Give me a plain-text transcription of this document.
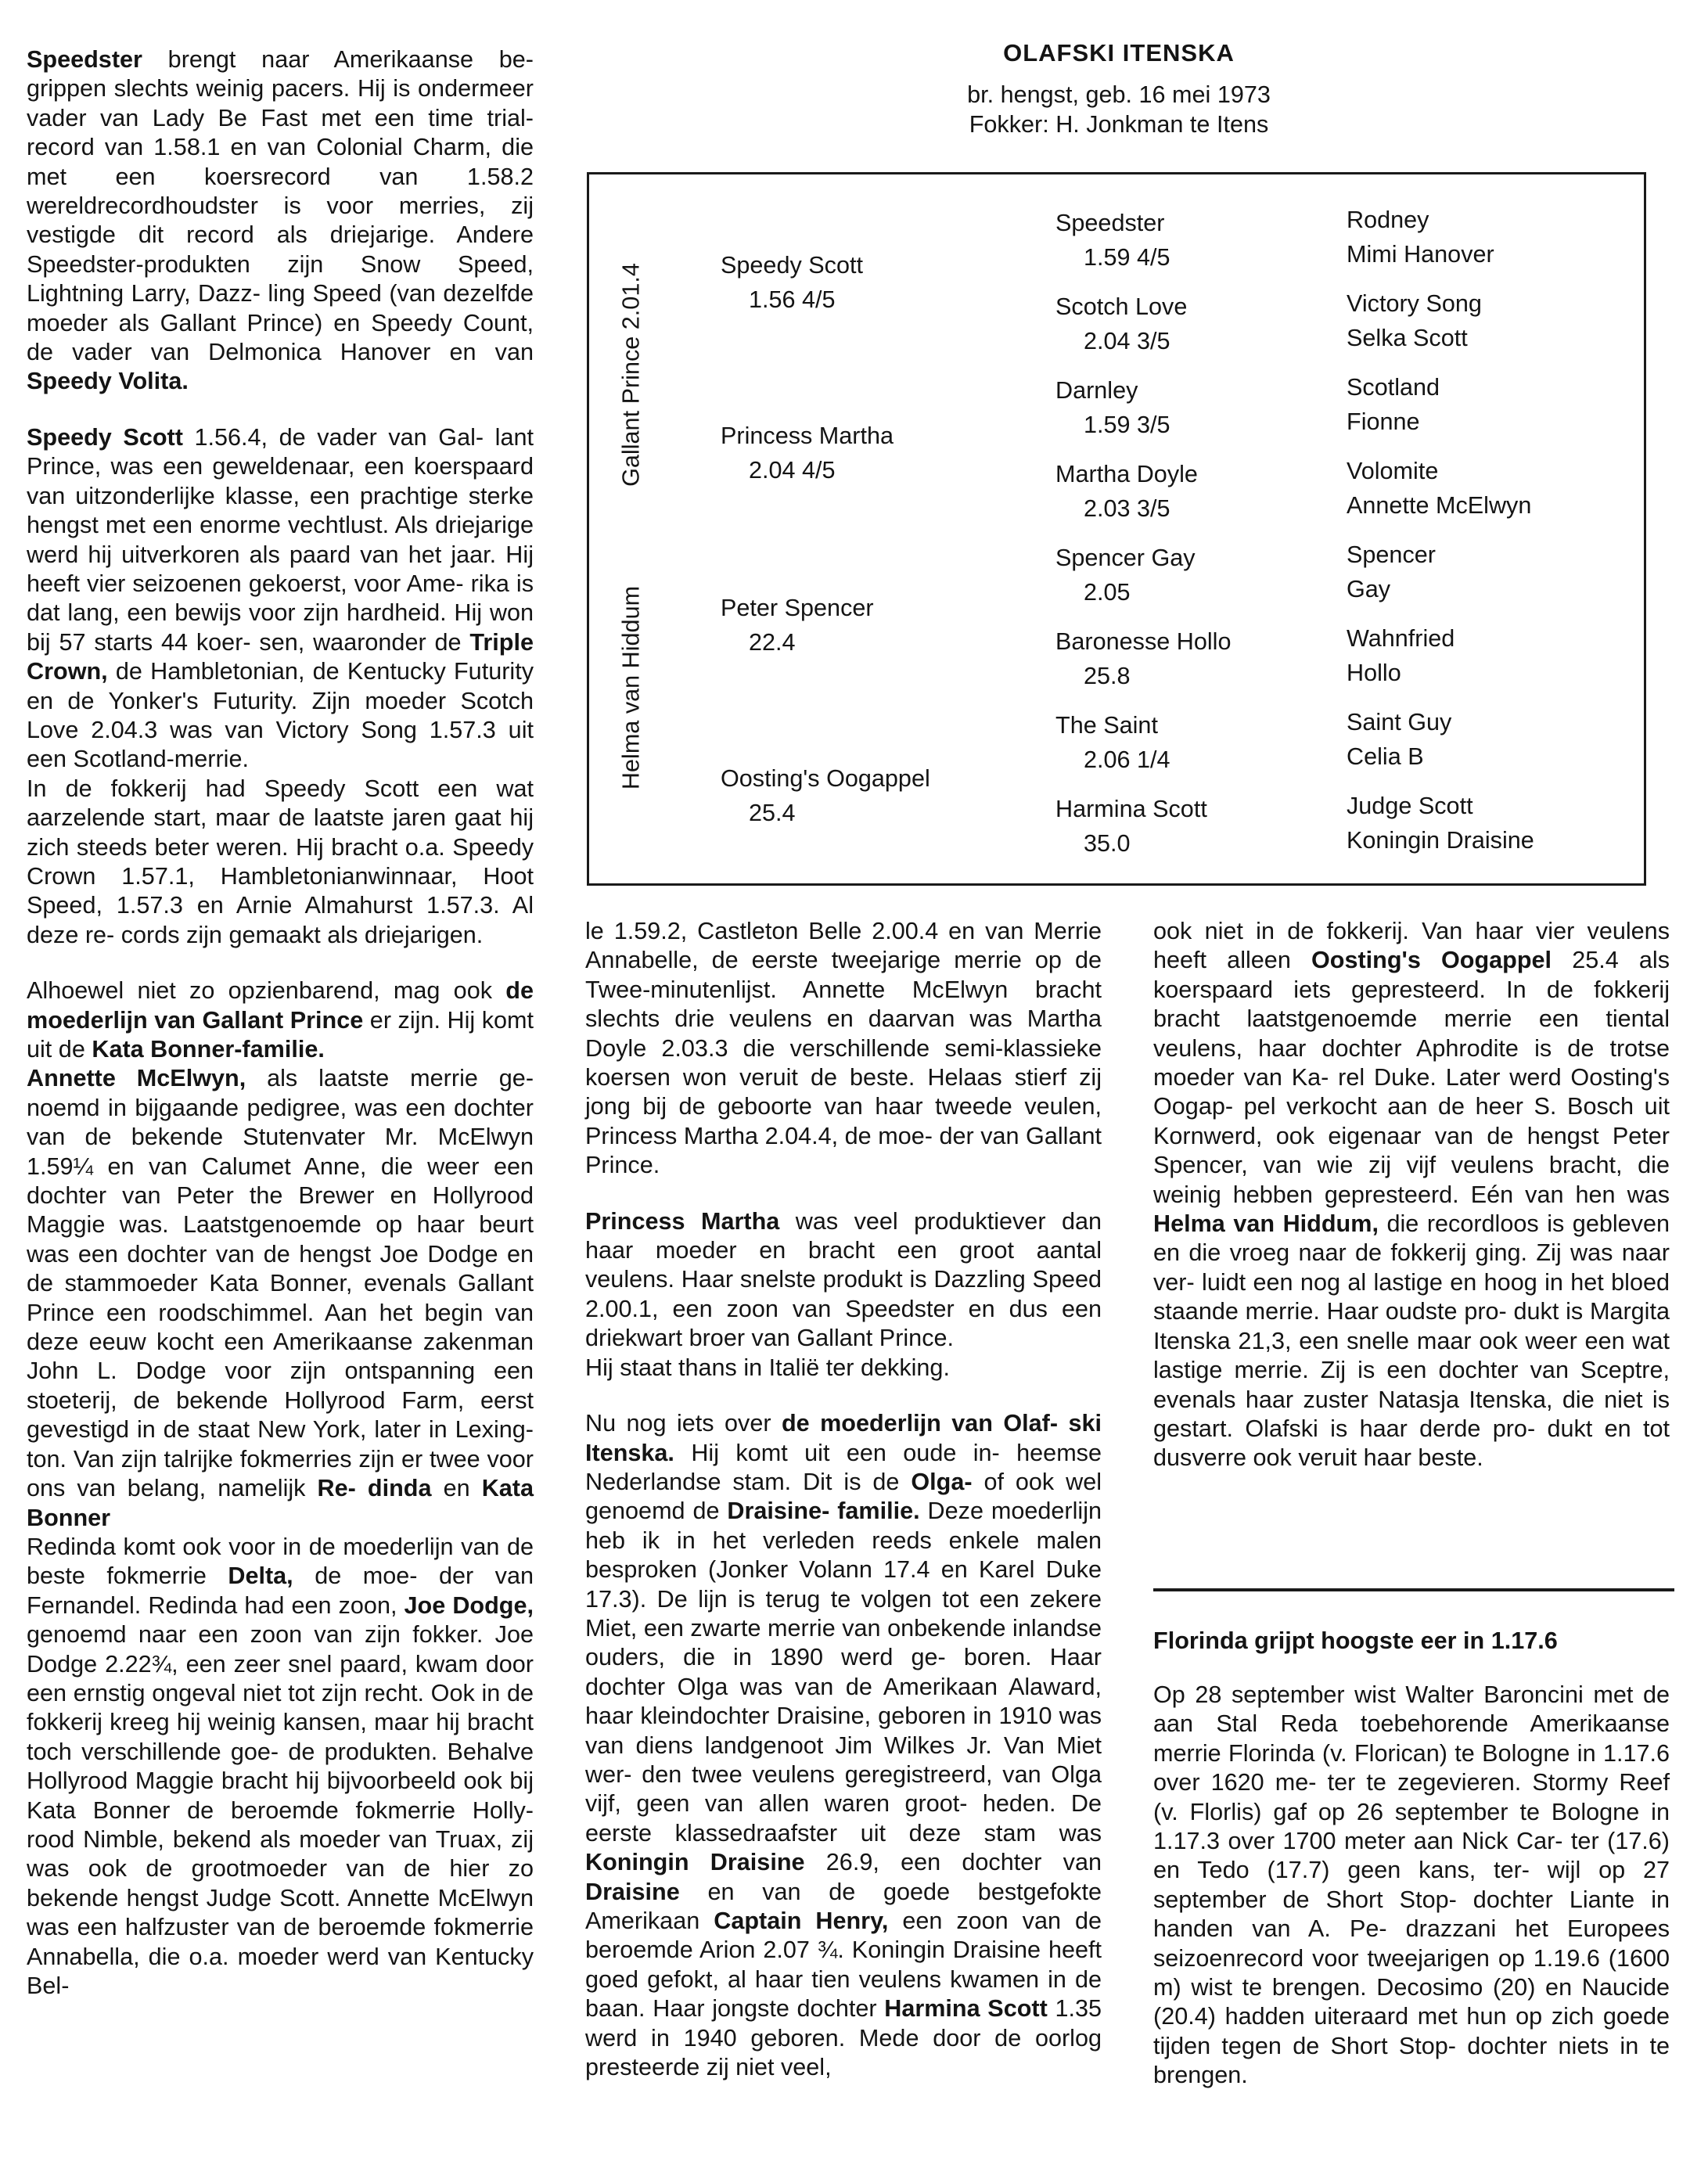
Speedster brengt naar Amerikaanse be- grippen slechts weinig pacers. Hij is ondermeer vader van Lady Be Fast met een time trial-record van 1.58.1 en van Colonial Charm, die met een koersrecord van 1.58.2 wereldrecordhoudster is voor merries, zij vestigde dit record als driejarige. Andere Speedster-produkten zijn Snow Speed, Lightning Larry, Dazz- ling Speed (van dezelfde moeder als Gallant Prince) en Speedy Count, de vader van Delmonica Hanover en van Speedy Volita.

Speedy Scott 1.56.4, de vader van Gal- lant Prince, was een geweldenaar, een koerspaard van uitzonderlijke klasse, een prachtige sterke hengst met een enorme vechtlust. Als driejarige werd hij uitverkoren als paard van het jaar. Hij heeft vier seizoenen gekoerst, voor Ame- rika is dat lang, een bewijs voor zijn hardheid. Hij won bij 57 starts 44 koer- sen, waaronder de Triple Crown, de Hambletonian, de Kentucky Futurity en de Yonker's Futurity. Zijn moeder Scotch Love 2.04.3 was van Victory Song 1.57.3 uit een Scotland-merrie.

In de fokkerij had Speedy Scott een wat aarzelende start, maar de laatste jaren gaat hij zich steeds beter weren. Hij bracht o.a. Speedy Crown 1.57.1, Hambletonianwinnaar, Hoot Speed, 1.57.3 en Arnie Almahurst 1.57.3. Al deze re- cords zijn gemaakt als driejarigen.

Alhoewel niet zo opzienbarend, mag ook de moederlijn van Gallant Prince er zijn. Hij komt uit de Kata Bonner-familie.

Annette McElwyn, als laatste merrie ge- noemd in bijgaande pedigree, was een dochter van de bekende Stutenvater Mr. McElwyn 1.59¼ en van Calumet Anne, die weer een dochter van Peter the Brewer en Hollyrood Maggie was. Laatstgenoemde op haar beurt was een dochter van de hengst Joe Dodge en de stammoeder Kata Bonner, evenals Gallant Prince een roodschimmel. Aan het begin van deze eeuw kocht een Amerikaanse zakenman John L. Dodge voor zijn ontspanning een stoeterij, de bekende Hollyrood Farm, eerst gevestigd in de staat New York, later in Lexing- ton. Van zijn talrijke fokmerries zijn er twee voor ons van belang, namelijk Re- dinda en Kata Bonner

Redinda komt ook voor in de moederlijn van de beste fokmerrie Delta, de moe- der van Fernandel. Redinda had een zoon, Joe Dodge, genoemd naar een zoon van zijn fokker. Joe Dodge 2.22¾, een zeer snel paard, kwam door een ernstig ongeval niet tot zijn recht. Ook in de fokkerij kreeg hij weinig kansen, maar hij bracht toch verschillende goe- de produkten. Behalve Hollyrood Maggie bracht hij bijvoorbeeld ook bij Kata Bonner de beroemde fokmerrie Holly- rood Nimble, bekend als moeder van Truax, zij was ook de grootmoeder van de hier zo bekende hengst Judge Scott. Annette McElwyn was een halfzuster van de beroemde fokmerrie Annabella, die o.a. moeder werd van Kentucky Bel-

OLAFSKI ITENSKA
br. hengst, geb. 16 mei 1973
Fokker: H. Jonkman te Itens
Gallant Prince 2.01.4
Helma van Hiddum
Speedy Scott
1.56 4/5
Princess Martha
2.04 4/5
Peter Spencer
22.4
Oosting's Oogappel
25.4
Speedster
1.59 4/5
Scotch Love
2.04 3/5
Darnley
1.59 3/5
Martha Doyle
2.03 3/5
Spencer Gay
2.05
Baronesse Hollo
25.8
The Saint
2.06 1/4
Harmina Scott
35.0
Rodney
Mimi Hanover
Victory Song
Selka Scott
Scotland
Fionne
Volomite
Annette McElwyn
Spencer
Gay
Wahnfried
Hollo
Saint Guy
Celia B
Judge Scott
Koningin Draisine

le 1.59.2, Castleton Belle 2.00.4 en van Merrie Annabelle, de eerste tweejarige merrie op de Twee-minutenlijst. Annette McElwyn bracht slechts drie veulens en daarvan was Martha Doyle 2.03.3 die verschillende semi-klassieke koersen won veruit de beste. Helaas stierf zij jong bij de geboorte van haar tweede veulen, Princess Martha 2.04.4, de moe- der van Gallant Prince.

Princess Martha was veel produktiever dan haar moeder en bracht een groot aantal veulens. Haar snelste produkt is Dazzling Speed 2.00.1, een zoon van Speedster en dus een driekwart broer van Gallant Prince.

Hij staat thans in Italië ter dekking.

Nu nog iets over de moederlijn van Olaf- ski Itenska. Hij komt uit een oude in- heemse Nederlandse stam. Dit is de Olga- of ook wel genoemd de Draisine- familie. Deze moederlijn heb ik in het verleden reeds enkele malen besproken (Jonker Volann 17.4 en Karel Duke 17.3). De lijn is terug te volgen tot een zekere Miet, een zwarte merrie van onbekende inlandse ouders, die in 1890 werd ge- boren. Haar dochter Olga was van de Amerikaan Alaward, haar kleindochter Draisine, geboren in 1910 was van diens landgenoot Jim Wilkes Jr. Van Miet wer- den twee veulens geregistreerd, van Olga vijf, geen van allen waren groot- heden. De eerste klassedraafster uit deze stam was Koningin Draisine 26.9, een dochter van Draisine en van de goede bestgefokte Amerikaan Captain Henry, een zoon van de beroemde Arion 2.07 ¾. Koningin Draisine heeft goed gefokt, al haar tien veulens kwamen in de baan. Haar jongste dochter Harmina Scott 1.35 werd in 1940 geboren. Mede door de oorlog presteerde zij niet veel,

ook niet in de fokkerij. Van haar vier veulens heeft alleen Oosting's Oogappel 25.4 als koerspaard iets gepresteerd. In de fokkerij bracht laatstgenoemde merrie een tiental veulens, haar dochter Aphrodite is de trotse moeder van Ka- rel Duke. Later werd Oosting's Oogap- pel verkocht aan de heer S. Bosch uit Kornwerd, ook eigenaar van de hengst Peter Spencer, van wie zij vijf veulens bracht, die weinig hebben gepresteerd. Eén van hen was Helma van Hiddum, die recordloos is gebleven en die vroeg naar de fokkerij ging. Zij was naar ver- luidt een nog al lastige en hoog in het bloed staande merrie. Haar oudste pro- dukt is Margita Itenska 21,3, een snelle maar ook weer een wat lastige merrie. Zij is een dochter van Sceptre, evenals haar zuster Natasja Itenska, die niet is gestart. Olafski is haar derde pro- dukt en tot dusverre ook veruit haar beste.

Florinda grijpt hoogste eer in 1.17.6
Op 28 september wist Walter Baroncini met de aan Stal Reda toebehorende Amerikaanse merrie Florinda (v. Florican) te Bologne in 1.17.6 over 1620 me- ter te zegevieren. Stormy Reef (v. Florlis) gaf op 26 september te Bologne in 1.17.3 over 1700 meter aan Nick Car- ter (17.6) en Tedo (17.7) geen kans, ter- wijl op 27 september de Short Stop- dochter Liante in handen van A. Pe- drazzani het Europees seizoenrecord voor tweejarigen op 1.19.6 (1600 m) wist te brengen. Decosimo (20) en Naucide (20.4) hadden uiteraard met hun op zich goede tijden tegen de Short Stop- dochter niets in te brengen.
